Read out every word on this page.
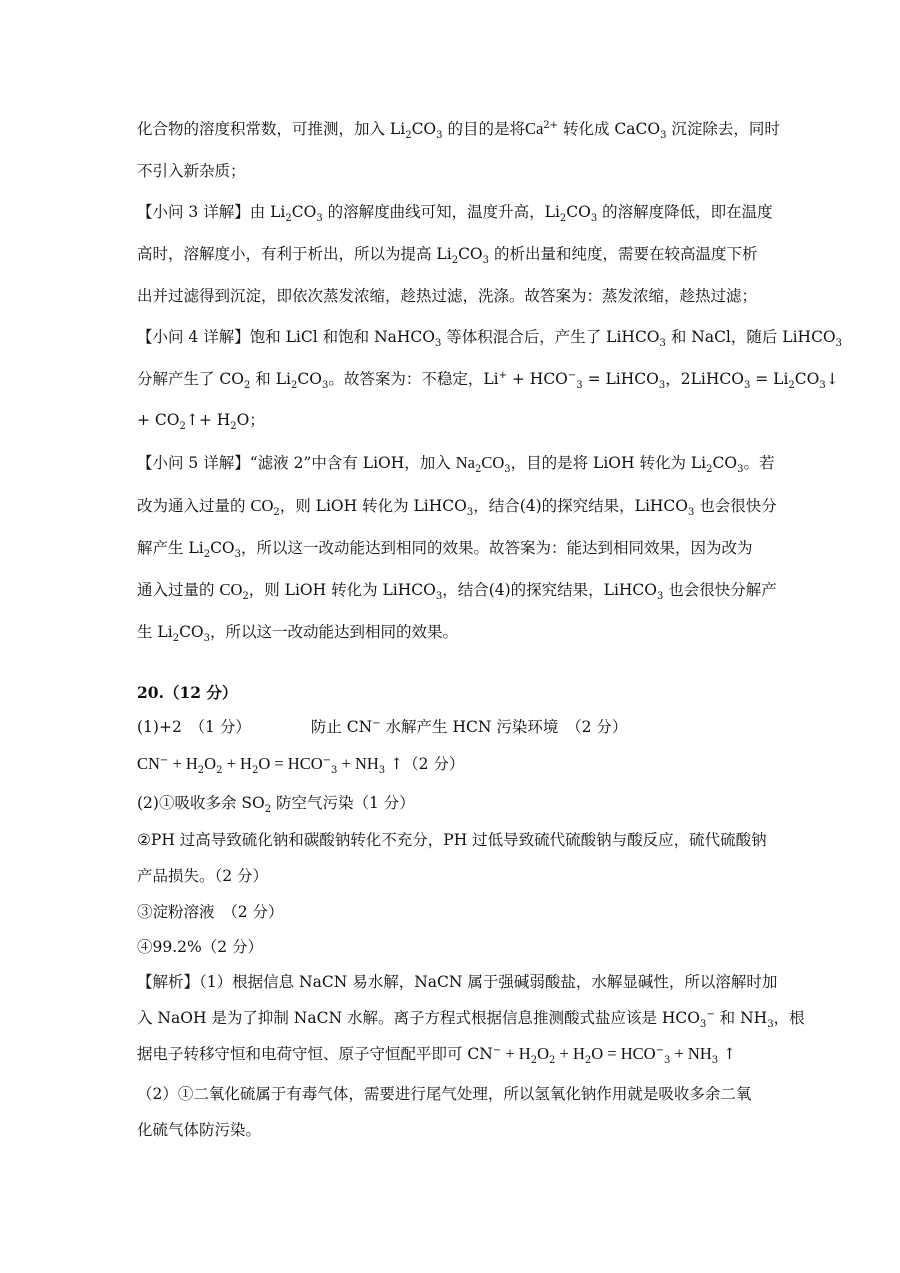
化合物的溶度积常数，可推测，加入 $Li_2CO_3$ 的目的是将$Ca^{2+}$ 转化成 CaCO$_3$ 沉淀除去，同时
不引入新杂质；
【小问 3 详解】由 $Li_2CO_3$ 的溶解度曲线可知，温度升高，$Li_2CO_3$ 的溶解度降低，即在温度
高时，溶解度小，有利于析出，所以为提高 $Li_2CO_3$ 的析出量和纯度，需要在较高温度下析
出并过滤得到沉淀，即依次蒸发浓缩，趁热过滤，洗涤。故答案为：蒸发浓缩，趁热过滤；
【小问 4 详解】饱和 LiCl 和饱和 NaHCO$_3$ 等体积混合后，产生了 LiHCO$_3$ 和 NaCl，随后 LiHCO$_3$
分解产生了 $CO_2$ 和 $Li_2CO_3$。故答案为：不稳定，$Li^+ + HCO^-_3$ = LiHCO$_3$，2LiHCO$_3$ = $Li_2CO_3↓$
+ $CO_2↑+ H_2O$；
【小问 5 详解】“滤液 2”中含有 LiOH，加入 $Na_2CO_3$，目的是将 LiOH 转化为 $Li_2CO_3$。若
改为通入过量的 $CO_2$，则 LiOH 转化为 LiHCO$_3$，结合(4)的探究结果，LiHCO$_3$ 也会很快分
解产生 $Li_2CO_3$，所以这一改动能达到相同的效果。故答案为：能达到相同效果，因为改为
通入过量的 $CO_2$，则 LiOH 转化为 LiHCO$_3$，结合(4)的探究结果，LiHCO$_3$ 也会很快分解产
生 $Li_2CO_3$，所以这一改动能达到相同的效果。
20.（12 分）
(1)+2　（1 分）	防止 CN− 水解产生 HCN 污染环境　（2 分）
$CN^- + H_2O_2 + H_2O = HCO^-_3 + NH_3$ ↑（2 分）
(2)①吸收多余 $SO_2$ 防空气污染（1 分）
②PH 过高导致硫化钠和碳酸钠转化不充分，PH 过低导致硫代硫酸钠与酸反应，硫代硫酸钠
产品损失。（2 分）
③淀粉溶液　（2 分）
④99.2%（2 分）
【解析】（1）根据信息 NaCN 易水解，NaCN 属于强碱弱酸盐，水解显碱性，所以溶解时加
入 NaOH 是为了抑制 NaCN 水解。离子方程式根据信息推测酸式盐应该是 $HCO_3^-$ 和 $NH_3$，根
据电子转移守恒和电荷守恒、原子守恒配平即可 $CN^- + H_2O_2 + H_2O = HCO^-_3 + NH_3$ ↑
（2）①二氧化硫属于有毒气体，需要进行尾气处理，所以氢氧化钠作用就是吸收多余二氧
化硫气体防污染。
